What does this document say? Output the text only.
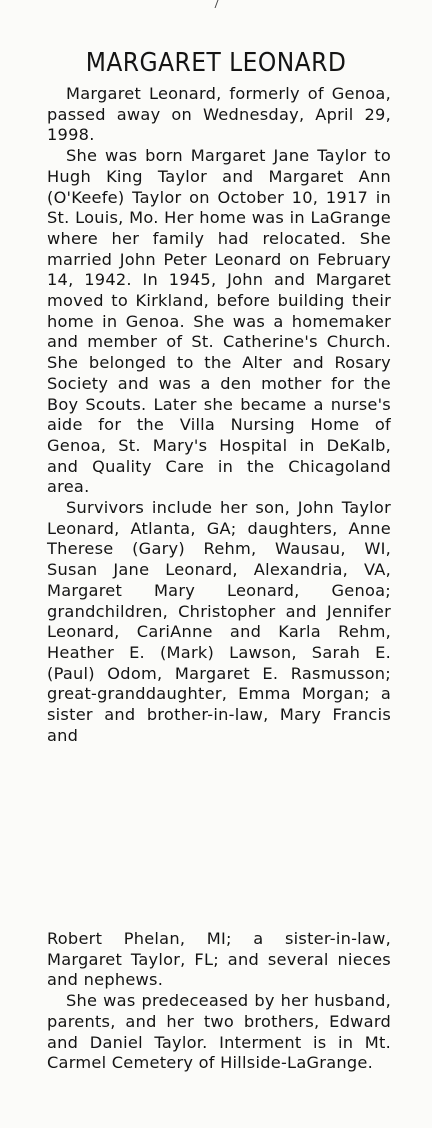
MARGARET LEONARD

Margaret Leonard, formerly of Genoa, passed away on Wednesday, April 29, 1998.

She was born Margaret Jane Taylor to Hugh King Taylor and Margaret Ann (O'Keefe) Taylor on October 10, 1917 in St. Louis, Mo. Her home was in LaGrange where her family had relocated. She married John Peter Leonard on February 14, 1942. In 1945, John and Margaret moved to Kirkland, before building their home in Genoa. She was a homemaker and member of St. Catherine's Church. She belonged to the Alter and Rosary Society and was a den mother for the Boy Scouts. Later she became a nurse's aide for the Villa Nursing Home of Genoa, St. Mary's Hospital in DeKalb, and Quality Care in the Chicagoland area.

Survivors include her son, John Taylor Leonard, Atlanta, GA; daughters, Anne Therese (Gary) Rehm, Wausau, WI, Susan Jane Leonard, Alexandria, VA, Margaret Mary Leonard, Genoa; grandchildren, Christopher and Jennifer Leonard, CariAnne and Karla Rehm, Heather E. (Mark) Lawson, Sarah E. (Paul) Odom, Margaret E. Rasmusson; great-granddaughter, Emma Morgan; a sister and brother-in-law, Mary Francis and

Robert Phelan, MI; a sister-in-law, Margaret Taylor, FL; and several nieces and nephews.

She was predeceased by her husband, parents, and her two brothers, Edward and Daniel Taylor. Interment is in Mt. Carmel Cemetery of Hillside-LaGrange.
